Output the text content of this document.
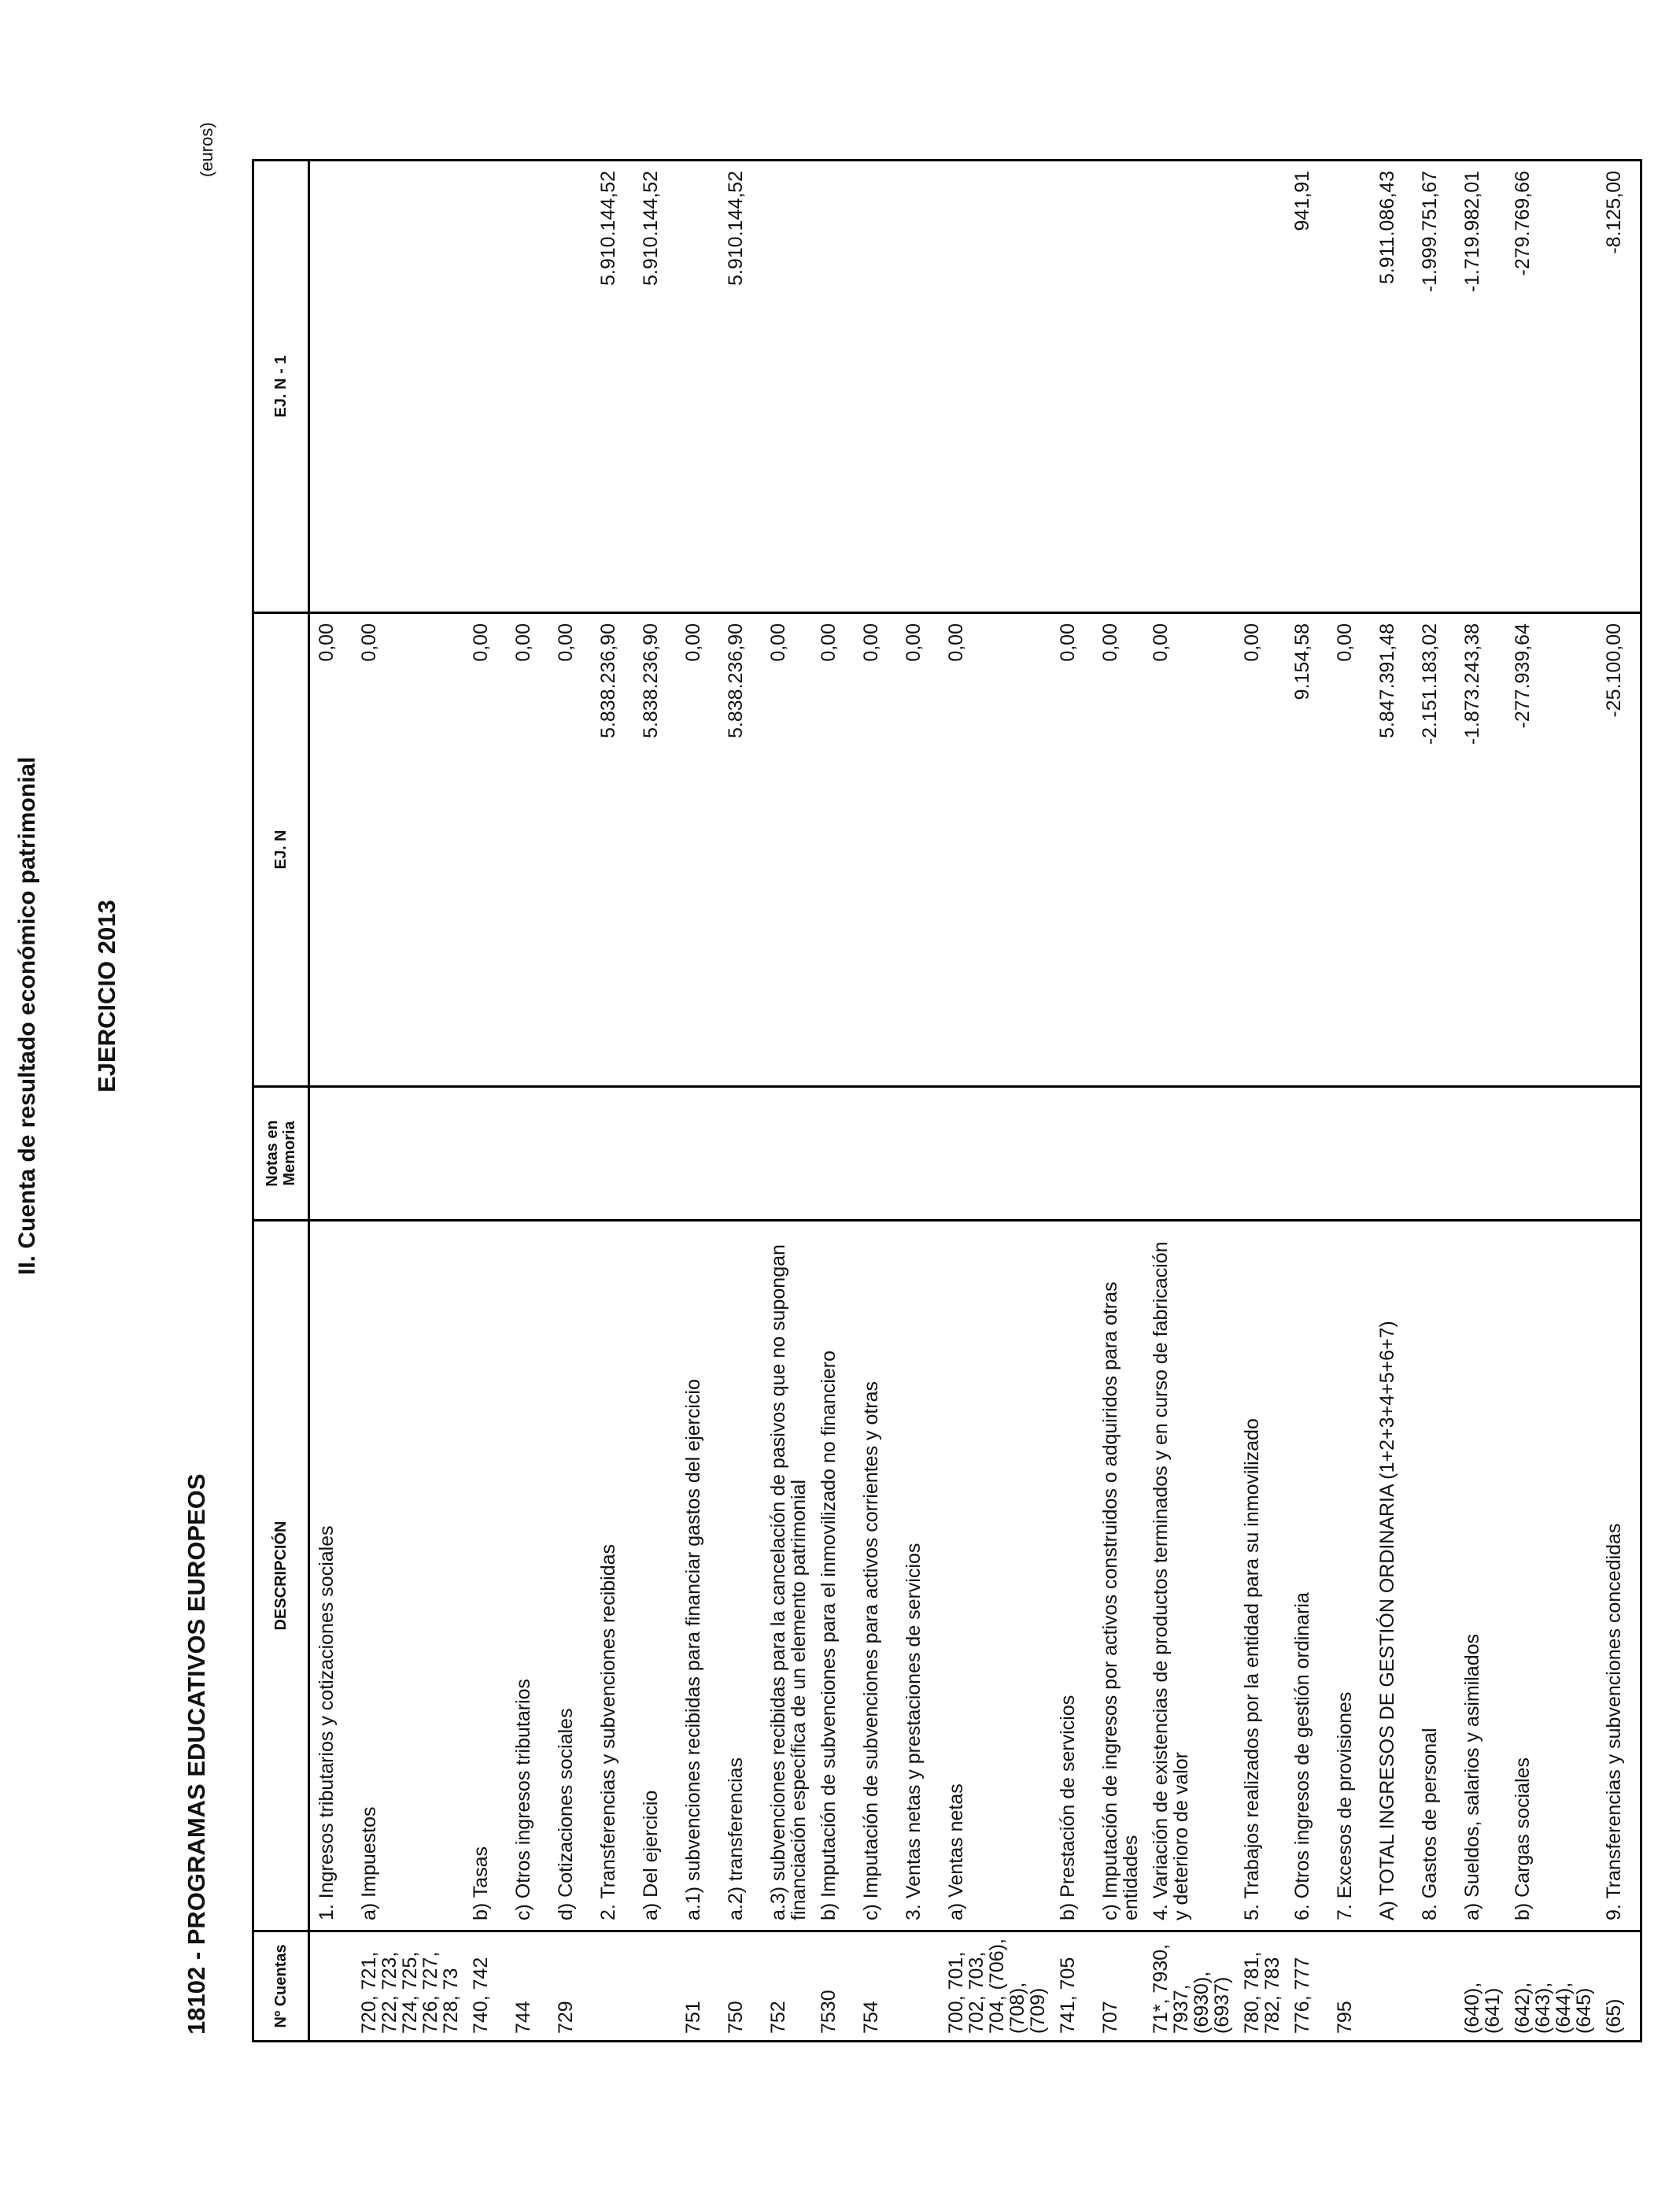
II. Cuenta de resultado económico patrimonial EJERCICIO 2013
18102 - PROGRAMAS EDUCATIVOS EUROPEOS
(euros)
Nº Cuentas	DESCRIPCIÓN	Notas en
Memoria	EJ. N	EJ. N - 1
	1. Ingresos tributarios y cotizaciones sociales		0,00	
720, 721, 722, 723, 724, 725, 726, 727, 728, 73	a) Impuestos		0,00	
740, 742	b) Tasas		0,00	
744	c) Otros ingresos tributarios		0,00	
729	d) Cotizaciones sociales		0,00	
	2. Transferencias y subvenciones recibidas		5.838.236,90	5.910.144,52
	a) Del ejercicio		5.838.236,90	5.910.144,52
751	a.1) subvenciones recibidas para financiar gastos del ejercicio		0,00	
750	a.2) transferencias		5.838.236,90	5.910.144,52
752	a.3) subvenciones recibidas para la cancelación de pasivos que no supongan financiación específica de un elemento patrimonial		0,00	
7530	b) Imputación de subvenciones para el inmovilizado no financiero		0,00	
754	c) Imputación de subvenciones para activos corrientes y otras		0,00	
	3. Ventas netas y prestaciones de servicios		0,00	
700, 701, 702, 703, 704, (706), (708), (709)	a) Ventas netas		0,00	
741, 705	b) Prestación de servicios		0,00	
707	c) Imputación de ingresos por activos construidos o adquiridos para otras entidades		0,00	
71*, 7930, 7937, (6930), (6937)	4. Variación de existencias de productos terminados y en curso de fabricación y deterioro de valor		0,00	
780, 781, 782, 783	5. Trabajos realizados por la entidad para su inmovilizado		0,00	
776, 777	6. Otros ingresos de gestión ordinaria		9.154,58	941,91
795	7. Excesos de provisiones		0,00	
	A) TOTAL INGRESOS DE GESTIÓN ORDINARIA (1+2+3+4+5+6+7)		5.847.391,48	5.911.086,43
	8. Gastos de personal		-2.151.183,02	-1.999.751,67
(640), (641)	a) Sueldos, salarios y asimilados		-1.873.243,38	-1.719.982,01
(642), (643), (644), (645)	b) Cargas sociales		-277.939,64	-279.769,66
(65)	9. Transferencias y subvenciones concedidas		-25.100,00	-8.125,00
